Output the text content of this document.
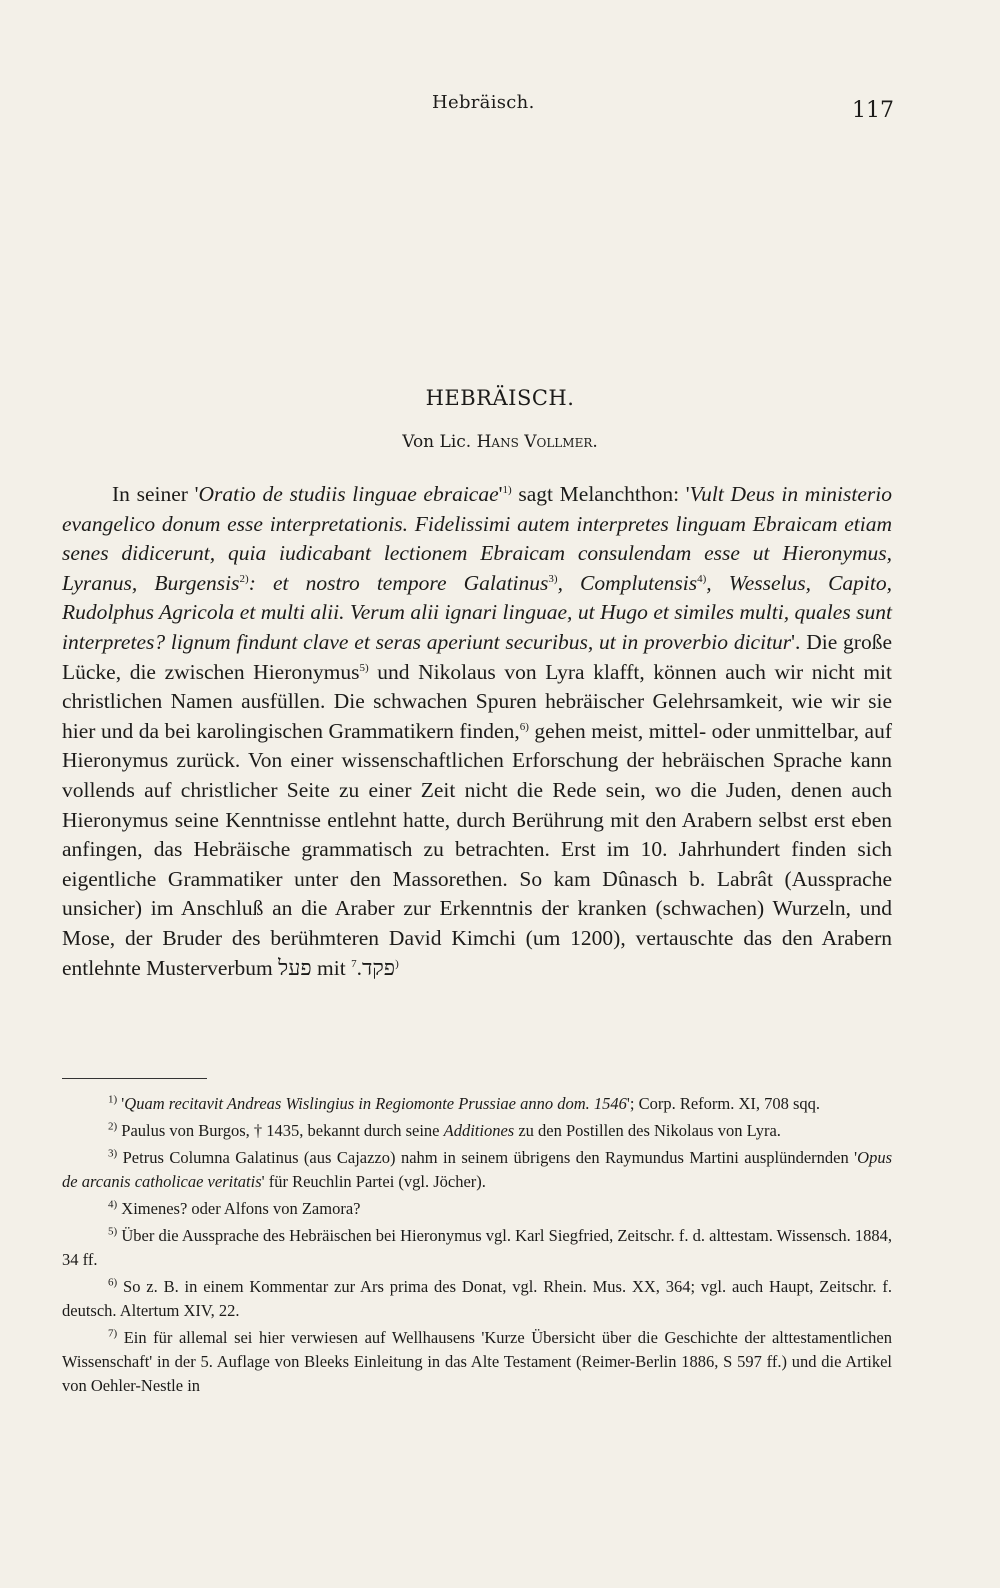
Hebräisch.	117
HEBRÄISCH.
Von Lic. Hans Vollmer.

In seiner 'Oratio de studiis linguae $ebraicae'^{1)}$ sagt Melanchthon: 'Vult Deus in ministerio evangelico donum esse interpretationis. Fidelissimi autem interpretes linguam Ebraicam etiam senes didicerunt, quia iudicabant lectionem Ebraicam consulendam esse ut Hieronymus, Lyranus, Burgensis$^{2)}$: et nostro tempore Galatinus$^{3)}$, Complutensis$^{4)}$, Wesselus, Capito, Rudolphus Agricola et multi alii. Verum alii ignari linguae, ut Hugo et similes multi, quales sunt interpretes? lignum findunt clave et seras aperiunt securibus, ut in proverbio dicitur'. Die große Lücke, die zwischen Hieronymus$^{5)}$ und Nikolaus von Lyra klafft, können auch wir nicht mit christlichen Namen ausfüllen. Die schwachen Spuren hebräischer Gelehrsamkeit, wie wir sie hier und da bei karolingischen Grammatikern finden,$^{6)}$ gehen meist, mittel- oder unmittelbar, auf Hieronymus zurück. Von einer wissenschaftlichen Erforschung der hebräischen Sprache kann vollends auf christlicher Seite zu einer Zeit nicht die Rede sein, wo die Juden, denen auch Hieronymus seine Kenntnisse entlehnt hatte, durch Berührung mit den Arabern selbst erst eben anfingen, das Hebräische grammatisch zu betrachten. Erst im 10. Jahrhundert finden sich eigentliche Grammatiker unter den Massorethen. So kam Dûnasch b. Labrât (Aussprache unsicher) im Anschluß an die Araber zur Erkenntnis der kranken (schwachen) Wurzeln, und Mose, der Bruder des berühmteren David Kimchi (um 1200), vertauschte das den Arabern entlehnte Musterverbum פעל mit פקד.$^{7)}$

$^{1)}$ 'Quam recitavit Andreas Wislingius in Regiomonte Prussiae anno dom. 1546'; Corp. Reform. XI, 708 sqq.

$^{2)}$ Paulus von Burgos, † 1435, bekannt durch seine Additiones zu den Postillen des Nikolaus von Lyra.

$^{3)}$ Petrus Columna Galatinus (aus Cajazzo) nahm in seinem übrigens den Raymundus Martini ausplündernden 'Opus de arcanis catholicae veritatis' für Reuchlin Partei (vgl. Jöcher).

$^{4)}$ Ximenes? oder Alfons von Zamora?

$^{5)}$ Über die Aussprache des Hebräischen bei Hieronymus vgl. Karl Siegfried, Zeitschr. f. d. alttestam. Wissensch. 1884, 34 ff.

$^{6)}$ So z. B. in einem Kommentar zur Ars prima des Donat, vgl. Rhein. Mus. XX, 364; vgl. auch Haupt, Zeitschr. f. deutsch. Altertum XIV, 22.

$^{7)}$ Ein für allemal sei hier verwiesen auf Wellhausens 'Kurze Übersicht über die Geschichte der alttestamentlichen Wissenschaft' in der 5. Auflage von Bleeks Einleitung in das Alte Testament (Reimer-Berlin 1886, S 597 ff.) und die Artikel von Oehler-Nestle in
